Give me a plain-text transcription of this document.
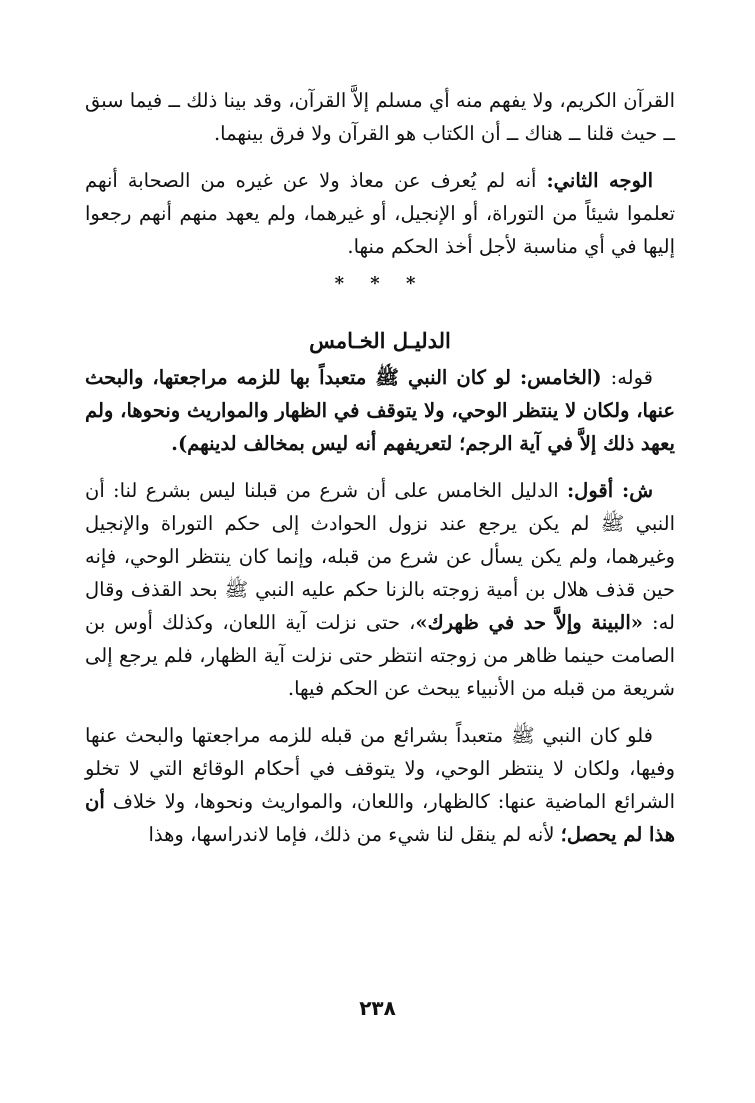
القرآن الكريم، ولا يفهم منه أي مسلم إلاَّ القرآن، وقد بينا ذلك ــ فيما سبق ــ حيث قلنا ــ هناك ــ أن الكتاب هو القرآن ولا فرق بينهما.

الوجه الثاني: أنه لم يُعرف عن معاذ ولا عن غيره من الصحابة أنهم تعلموا شيئاً من التوراة، أو الإنجيل، أو غيرهما، ولم يعهد منهم أنهم رجعوا إليها في أي مناسبة لأجل أخذ الحكم منها.

* * *
الدليـل الخـامس

قوله: (الخامس: لو كان النبي ﷺ متعبداً بها للزمه مراجعتها، والبحث عنها، ولكان لا ينتظر الوحي، ولا يتوقف في الظهار والمواريث ونحوها، ولم يعهد ذلك إلاَّ في آية الرجم؛ لتعريفهم أنه ليس بمخالف لدينهم).

ش: أقول: الدليل الخامس على أن شرع من قبلنا ليس بشرع لنا: أن النبي ﷺ لم يكن يرجع عند نزول الحوادث إلى حكم التوراة والإنجيل وغيرهما، ولم يكن يسأل عن شرع من قبله، وإنما كان ينتظر الوحي، فإنه حين قذف هلال بن أمية زوجته بالزنا حكم عليه النبي ﷺ بحد القذف وقال له: «البينة وإلاَّ حد في ظهرك»، حتى نزلت آية اللعان، وكذلك أوس بن الصامت حينما ظاهر من زوجته انتظر حتى نزلت آية الظهار، فلم يرجع إلى شريعة من قبله من الأنبياء يبحث عن الحكم فيها.

فلو كان النبي ﷺ متعبداً بشرائع من قبله للزمه مراجعتها والبحث عنها وفيها، ولكان لا ينتظر الوحي، ولا يتوقف في أحكام الوقائع التي لا تخلو الشرائع الماضية عنها: كالظهار، واللعان، والمواريث ونحوها، ولا خلاف أن هذا لم يحصل؛ لأنه لم ينقل لنا شيء من ذلك، فإما لاندراسها، وهذا

٢٣٨
